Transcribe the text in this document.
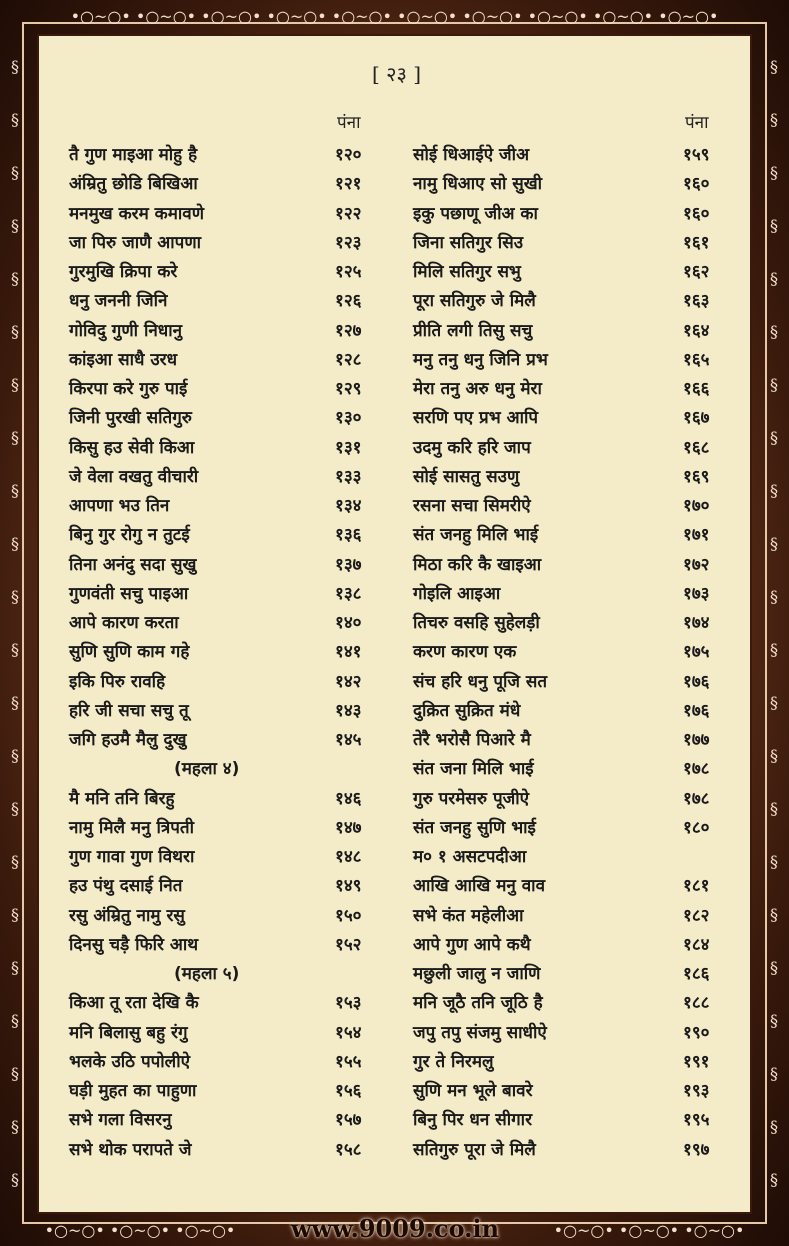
•○~○• •○~○• •○~○• •○~○• •○~○• •○~○• •○~○• •○~○• •○~○• •○~○•
§
§
§
§
§
§
§
§
§
§
§
§
§
§
§
§
§
§
§
§
§
§
§
§
§
§
§
§
§
§
§
§
§
§
§
§
§
§
§
§
§
§
§
§
•○~○• •○~○• •○~○•	•○~○• •○~○• •○~○•
[ २३ ]
पंना	पंना
तै गुण माइआ मोहु है	१२०
अंम्रितु छोडि बिखिआ	१२१
मनमुख करम कमावणे	१२२
जा पिरु जाणै आपणा	१२३
गुरमुखि क्रिपा करे	१२५
धनु जननी जिनि	१२६
गोविदु गुणी निधानु	१२७
कांइआ साधै उरध	१२८
किरपा करे गुरु पाई	१२९
जिनी पुरखी सतिगुरु	१३०
किसु हउ सेवी किआ	१३१
जे वेला वखतु वीचारी	१३३
आपणा भउ तिन	१३४
बिनु गुर रोगु न तुटई	१३६
तिना अनंदु सदा सुखु	१३७
गुणवंती सचु पाइआ	१३८
आपे कारण करता	१४०
सुणि सुणि काम गहे	१४१
इकि पिरु रावहि	१४२
हरि जी सचा सचु तू	१४३
जगि हउमै मैलु दुखु	१४५
(महला ४)
मै मनि तनि बिरहु	१४६
नामु मिलै मनु त्रिपती	१४७
गुण गावा गुण विथरा	१४८
हउ पंथु दसाई नित	१४९
रसु अंम्रितु नामु रसु	१५०
दिनसु चड़ै फिरि आथ	१५२
(महला ५)
किआ तू रता देखि कै	१५३
मनि बिलासु बहु रंगु	१५४
भलके उठि पपोलीऐ	१५५
घड़ी मुहत का पाहुणा	१५६
सभे गला विसरनु	१५७
सभे थोक परापते जे	१५८
सोई धिआईऐ जीअ	१५९
नामु धिआए सो सुखी	१६०
इकु पछाणू जीअ का	१६०
जिना सतिगुर सिउ	१६१
मिलि सतिगुर सभु	१६२
पूरा सतिगुरु जे मिलै	१६३
प्रीति लगी तिसु सचु	१६४
मनु तनु धनु जिनि प्रभ	१६५
मेरा तनु अरु धनु मेरा	१६६
सरणि पए प्रभ आपि	१६७
उदमु करि हरि जाप	१६८
सोई सासतु सउणु	१६९
रसना सचा सिमरीऐ	१७०
संत जनहु मिलि भाई	१७१
मिठा करि कै खाइआ	१७२
गोइलि आइआ	१७३
तिचरु वसहि सुहेलड़ी	१७४
करण कारण एक	१७५
संच हरि धनु पूजि सत	१७६
दुक्रित सुक्रित मंधे	१७६
तेरै भरोसै पिआरे मै	१७७
संत जना मिलि भाई	१७८
गुरु परमेसरु पूजीऐ	१७८
संत जनहु सुणि भाई	१८०
म० १ असटपदीआ
आखि आखि मनु वाव	१८१
सभे कंत महेलीआ	१८२
आपे गुण आपे कथै	१८४
मछुली जालु न जाणि	१८६
मनि जूठै तनि जूठि है	१८८
जपु तपु संजमु साधीऐ	१९०
गुर ते निरमलु	१९१
सुणि मन भूले बावरे	१९३
बिनु पिर धन सीगार	१९५
सतिगुरु पूरा जे मिलै	१९७
www.9009.co.in
